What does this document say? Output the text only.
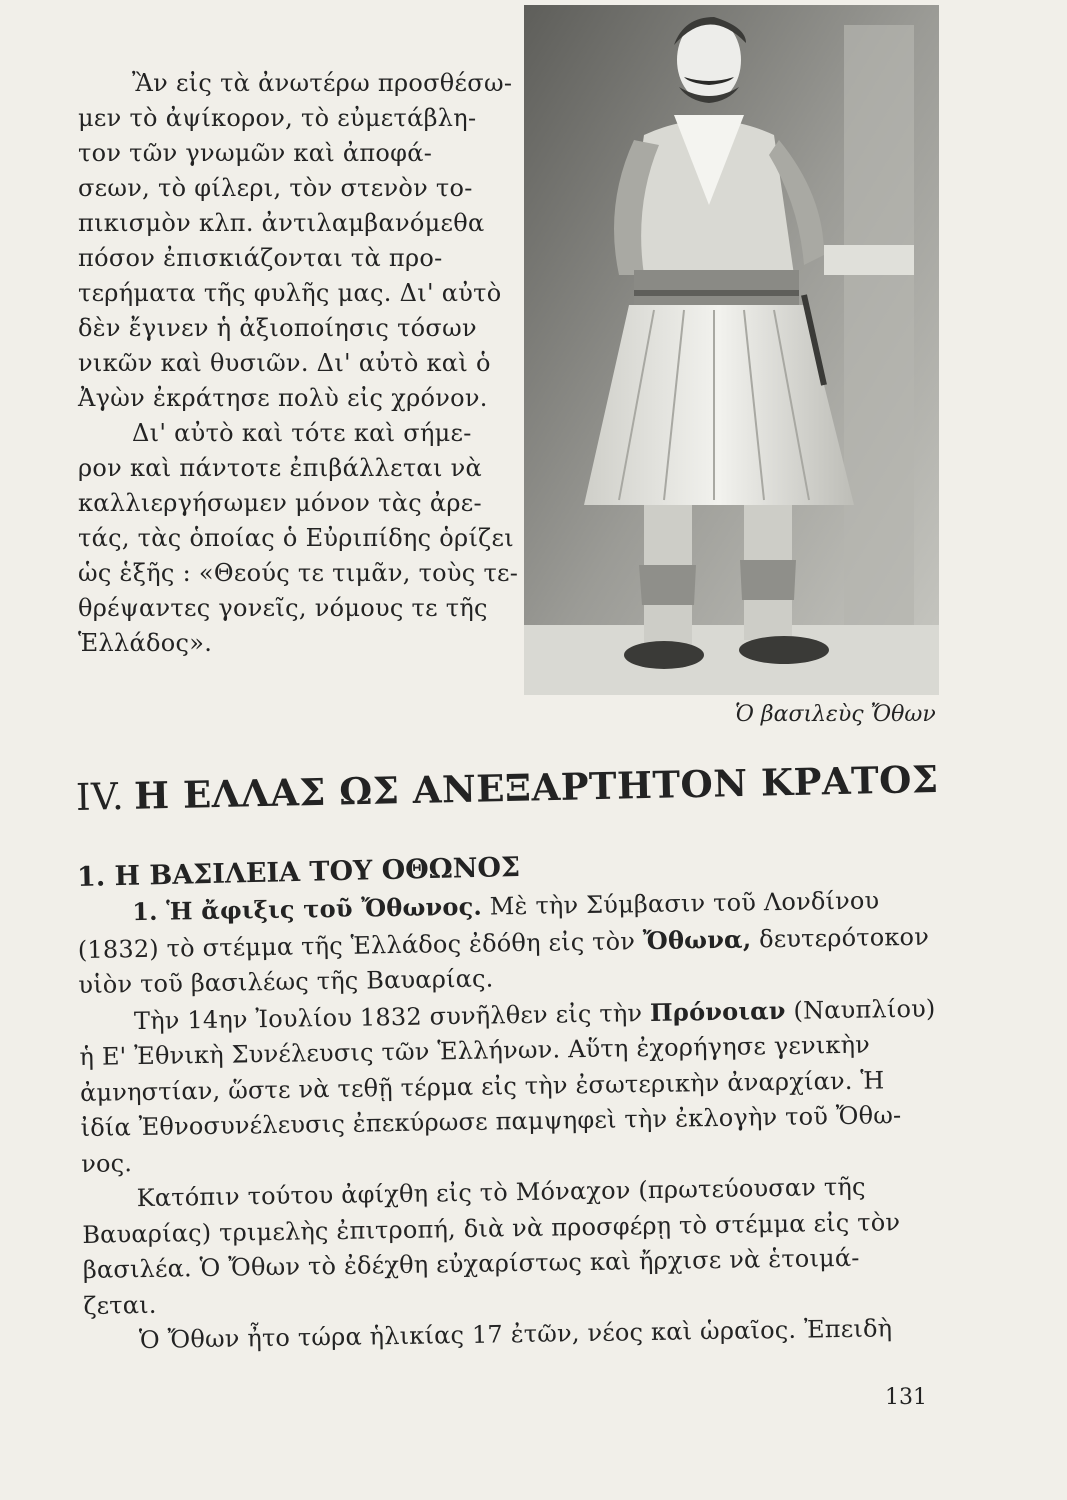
Ἂν εἰς τὰ ἀνωτέρω προσθέσω-
μεν τὸ ἀψίκορον, τὸ εὐμετάβλη-
τον τῶν γνωμῶν καὶ ἀποφά-
σεων, τὸ φίλερι, τὸν στενὸν το-
πικισμὸν κλπ. ἀντιλαμβανόμεθα
πόσον ἐπισκιάζονται τὰ προ-
τερήματα τῆς φυλῆς μας. Δι' αὐτὸ
δὲν ἔγινεν ἡ ἀξιοποίησις τόσων
νικῶν καὶ θυσιῶν. Δι' αὐτὸ καὶ ὁ
Ἀγὼν ἐκράτησε πολὺ εἰς χρόνον.
Δι' αὐτὸ καὶ τότε καὶ σήμε-
ρον καὶ πάντοτε ἐπιβάλλεται νὰ
καλλιεργήσωμεν μόνον τὰς ἀρε-
τάς, τὰς ὁποίας ὁ Εὐριπίδης ὁρίζει
ὡς ἑξῆς : «Θεούς τε τιμᾶν, τοὺς τε-
θρέψαντες γονεῖς, νόμους τε τῆς
Ἑλλάδος».
Ὁ βασιλεὺς Ὄθων
IV. Η ΕΛΛΑΣ ΩΣ ΑΝΕΞΑΡΤΗΤΟΝ ΚΡΑΤΟΣ
1. Η ΒΑΣΙΛΕΙΑ ΤΟΥ ΟΘΩΝΟΣ
1. Ἡ ἄφιξις τοῦ Ὄθωνος. Μὲ τὴν Σύμβασιν τοῦ Λονδίνου
(1832) τὸ στέμμα τῆς Ἑλλάδος ἐδόθη εἰς τὸν Ὄθωνα, δευτερότοκον
υἱὸν τοῦ βασιλέως τῆς Βαυαρίας.
Τὴν 14ην Ἰουλίου 1832 συνῆλθεν εἰς τὴν Πρόνοιαν (Ναυπλίου)
ἡ Ε' Ἐθνικὴ Συνέλευσις τῶν Ἑλλήνων. Αὕτη ἐχορήγησε γενικὴν
ἀμνηστίαν, ὥστε νὰ τεθῇ τέρμα εἰς τὴν ἐσωτερικὴν ἀναρχίαν. Ἡ
ἰδία Ἐθνοσυνέλευσις ἐπεκύρωσε παμψηφεὶ τὴν ἐκλογὴν τοῦ Ὄθω-
νος.
Κατόπιν τούτου ἀφίχθη εἰς τὸ Μόναχον (πρωτεύουσαν τῆς
Βαυαρίας) τριμελὴς ἐπιτροπή, διὰ νὰ προσφέρῃ τὸ στέμμα εἰς τὸν
βασιλέα. Ὁ Ὄθων τὸ ἐδέχθη εὐχαρίστως καὶ ἤρχισε νὰ ἑτοιμά-
ζεται.
Ὁ Ὄθων ἦτο τώρα ἡλικίας 17 ἐτῶν, νέος καὶ ὡραῖος. Ἐπειδὴ
131
